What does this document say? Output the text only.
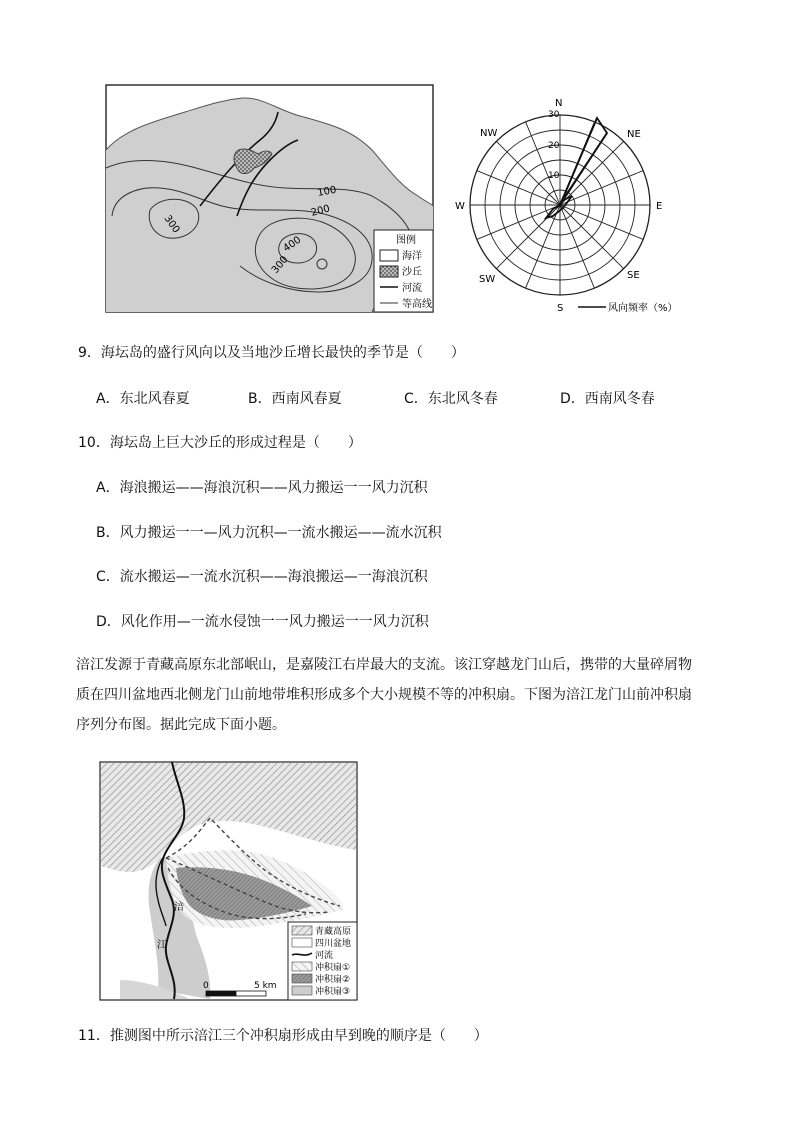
100
200
300
400
300
图例
海洋
沙丘
河流
等高线
N
NE
E
SE
S
SW
W
NW
10
20
30
风向频率（%）
9．海坛岛的盛行风向以及当地沙丘增长最快的季节是（　　）
A．东北风春夏	B．西南风春夏	C．东北风冬春	D．西南风冬春
10．海坛岛上巨大沙丘的形成过程是（　　）
A．海浪搬运——海浪沉积——风力搬运一一风力沉积
B．风力搬运一一—风力沉积—一流水搬运——流水沉积
C．流水搬运—一流水沉积——海浪搬运—一海浪沉积
D．风化作用—一流水侵蚀一一风力搬运一一风力沉积
涪江发源于青藏高原东北部岷山，是嘉陵江右岸最大的支流。该江穿越龙门山后，携带的大量碎屑物
质在四川盆地西北侧龙门山前地带堆积形成多个大小规模不等的冲积扇。下图为涪江龙门山前冲积扇
序列分布图。据此完成下面小题。
涪
江
0	5 km
青藏高原
四川盆地
河流
冲积扇①
冲积扇②
冲积扇③
11．推测图中所示涪江三个冲积扇形成由早到晚的顺序是（　　）
